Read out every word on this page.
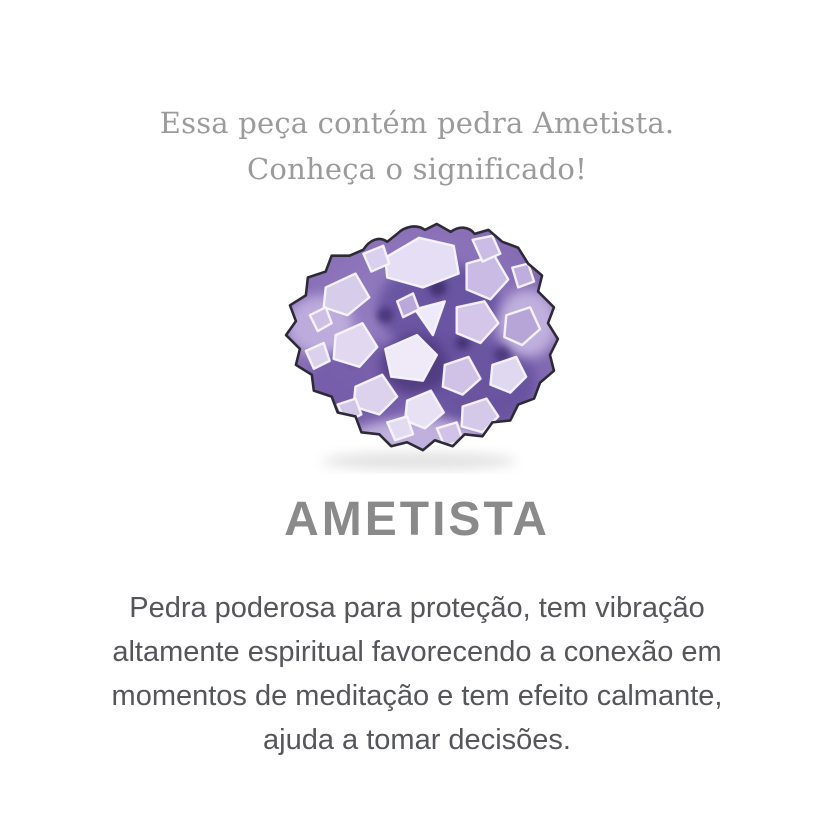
Essa peça contém pedra Ametista.
Conheça o significado!
AMETISTA
Pedra poderosa para proteção, tem vibração
altamente espiritual favorecendo a conexão em
momentos de meditação e tem efeito calmante,
ajuda a tomar decisões.
